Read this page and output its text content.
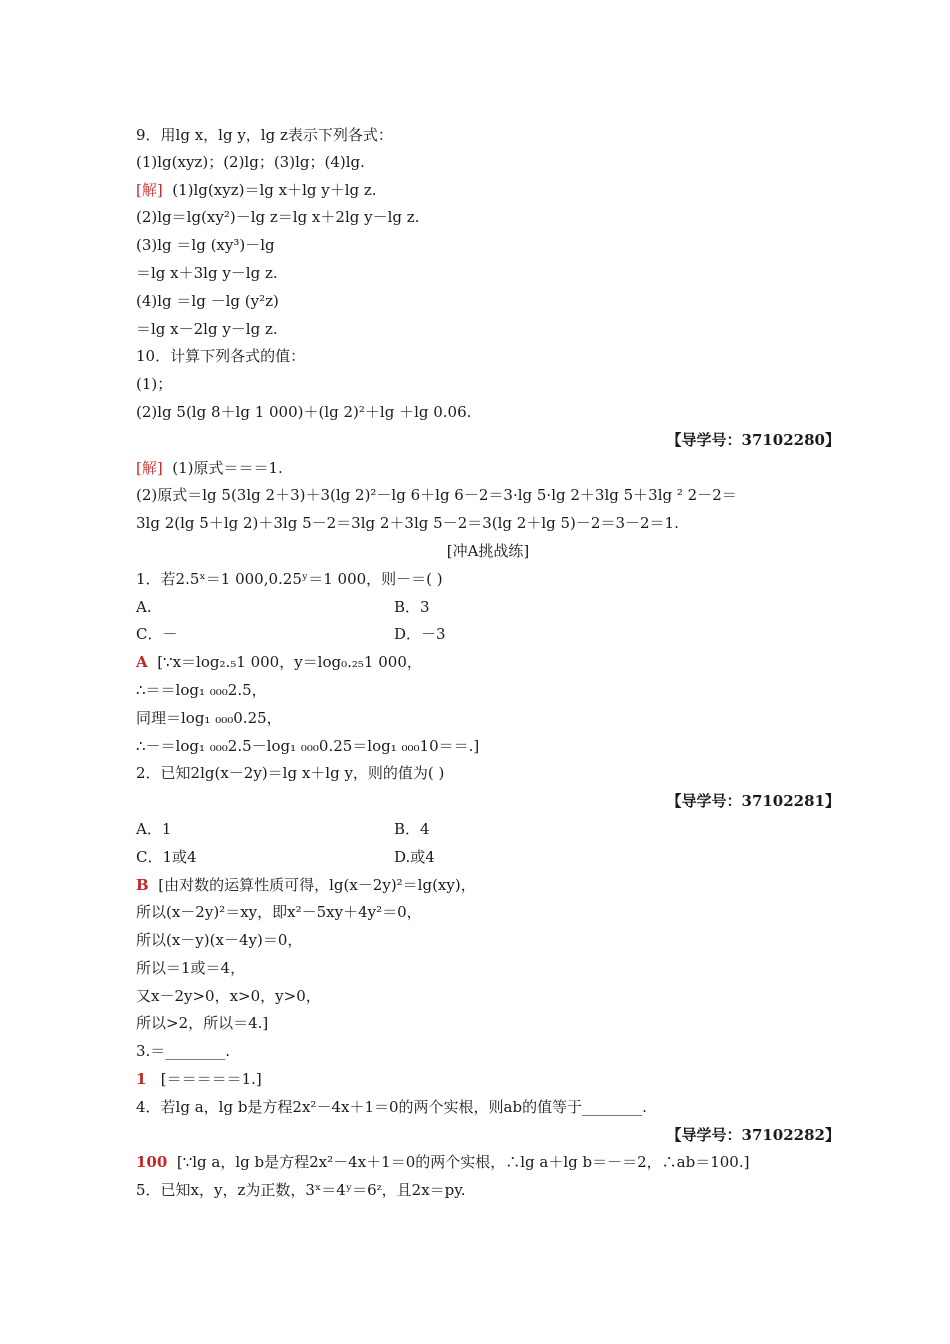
9．用lg x，lg y，lg z表示下列各式：
(1)lg(xyz)；(2)lg；(3)lg；(4)lg.
[解] (1)lg(xyz)＝lg x＋lg y＋lg z.
(2)lg＝lg(xy²)－lg z＝lg x＋2lg y－lg z.
(3)lg ＝lg (xy³)－lg
＝lg x＋3lg y－lg z.
(4)lg ＝lg －lg (y²z)
＝lg x－2lg y－lg z.
10．计算下列各式的值：
(1)；
(2)lg 5(lg 8＋lg 1 000)＋(lg 2)²＋lg ＋lg 0.06.
【导学号：37102280】
[解] (1)原式＝＝＝1.
(2)原式＝lg 5(3lg 2＋3)＋3(lg 2)²－lg 6＋lg 6－2＝3·lg 5·lg 2＋3lg 5＋3lg ² 2－2＝
3lg 2(lg 5＋lg 2)＋3lg 5－2＝3lg 2＋3lg 5－2＝3(lg 2＋lg 5)－2＝3－2＝1.
[冲A挑战练]
1．若2.5ˣ＝1 000,0.25ʸ＝1 000，则－＝( )
A.	B．3
C．－	D．－3
A [∵x＝log₂.₅1 000，y＝log₀.₂₅1 000，
∴＝＝log₁ ₀₀₀2.5，
同理＝log₁ ₀₀₀0.25，
∴－＝log₁ ₀₀₀2.5－log₁ ₀₀₀0.25＝log₁ ₀₀₀10＝＝.]
2．已知2lg(x－2y)＝lg x＋lg y，则的值为( )
【导学号：37102281】
A．1	B．4
C．1或4	D.或4
B [由对数的运算性质可得，lg(x－2y)²＝lg(xy)，
所以(x－2y)²＝xy，即x²－5xy＋4y²＝0，
所以(x－y)(x－4y)＝0，
所以＝1或＝4，
又x－2y>0，x>0，y>0，
所以>2，所以＝4.]
3.＝________.
1 [＝＝＝＝＝1.]
4．若lg a，lg b是方程2x²－4x＋1＝0的两个实根，则ab的值等于________.
【导学号：37102282】
100 [∵lg a，lg b是方程2x²－4x＋1＝0的两个实根，∴lg a＋lg b＝－＝2，∴ab＝100.]
5．已知x，y，z为正数，3ˣ＝4ʸ＝6ᶻ，且2x＝py.
